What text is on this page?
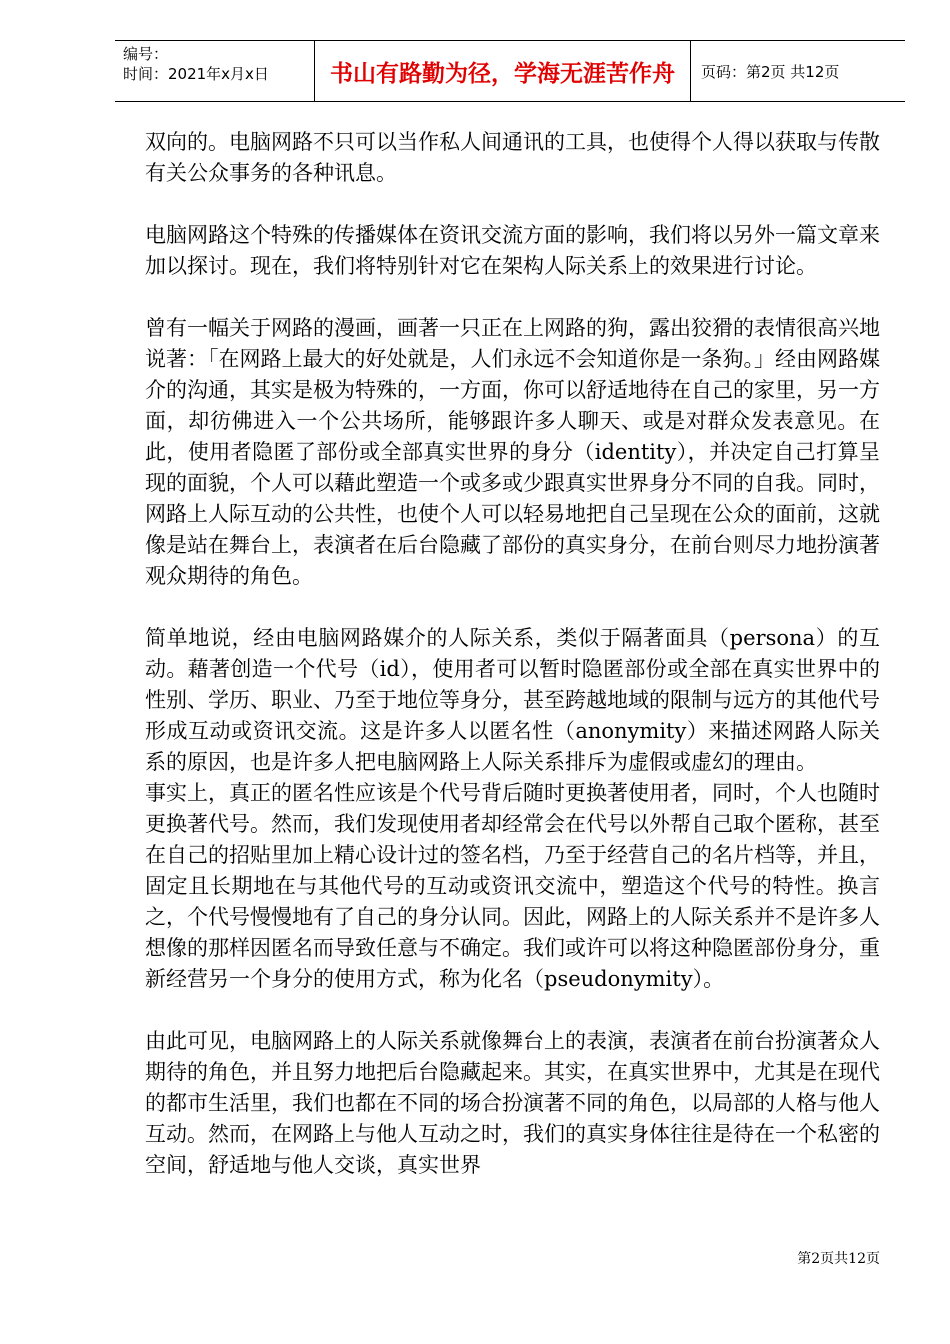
编号：
时间：2021年x月x日	书山有路勤为径，学海无涯苦作舟	页码：第2页 共12页

双向的。电脑网路不只可以当作私人间通讯的工具，也使得个人得以获取与传散有关公众事务的各种讯息。

电脑网路这个特殊的传播媒体在资讯交流方面的影响，我们将以另外一篇文章来加以探讨。现在，我们将特别针对它在架构人际关系上的效果进行讨论。

曾有一幅关于网路的漫画，画著一只正在上网路的狗，露出狡猾的表情很高兴地说著：「在网路上最大的好处就是，人们永远不会知道你是一条狗。」经由网路媒介的沟通，其实是极为特殊的，一方面，你可以舒适地待在自己的家里，另一方面，却彷佛进入一个公共场所，能够跟许多人聊天、或是对群众发表意见。在此，使用者隐匿了部份或全部真实世界的身分（identity），并决定自己打算呈现的面貌，个人可以藉此塑造一个或多或少跟真实世界身分不同的自我。同时，网路上人际互动的公共性，也使个人可以轻易地把自己呈现在公众的面前，这就像是站在舞台上，表演者在后台隐藏了部份的真实身分，在前台则尽力地扮演著观众期待的角色。

简单地说，经由电脑网路媒介的人际关系，类似于隔著面具（persona）的互动。藉著创造一个代号（id），使用者可以暂时隐匿部份或全部在真实世界中的性别、学历、职业、乃至于地位等身分，甚至跨越地域的限制与远方的其他代号形成互动或资讯交流。这是许多人以匿名性（anonymity）来描述网路人际关系的原因，也是许多人把电脑网路上人际关系排斥为虚假或虚幻的理由。

事实上，真正的匿名性应该是个代号背后随时更换著使用者，同时，个人也随时更换著代号。然而，我们发现使用者却经常会在代号以外帮自己取个匿称，甚至在自己的招贴里加上精心设计过的签名档，乃至于经营自己的名片档等，并且，固定且长期地在与其他代号的互动或资讯交流中，塑造这个代号的特性。换言之，个代号慢慢地有了自己的身分认同。因此，网路上的人际关系并不是许多人想像的那样因匿名而导致任意与不确定。我们或许可以将这种隐匿部份身分，重新经营另一个身分的使用方式，称为化名（pseudonymity）。

由此可见，电脑网路上的人际关系就像舞台上的表演，表演者在前台扮演著众人期待的角色，并且努力地把后台隐藏起来。其实，在真实世界中，尤其是在现代的都市生活里，我们也都在不同的场合扮演著不同的角色，以局部的人格与他人互动。然而，在网路上与他人互动之时，我们的真实身体往往是待在一个私密的空间，舒适地与他人交谈，真实世界

第2页共12页
